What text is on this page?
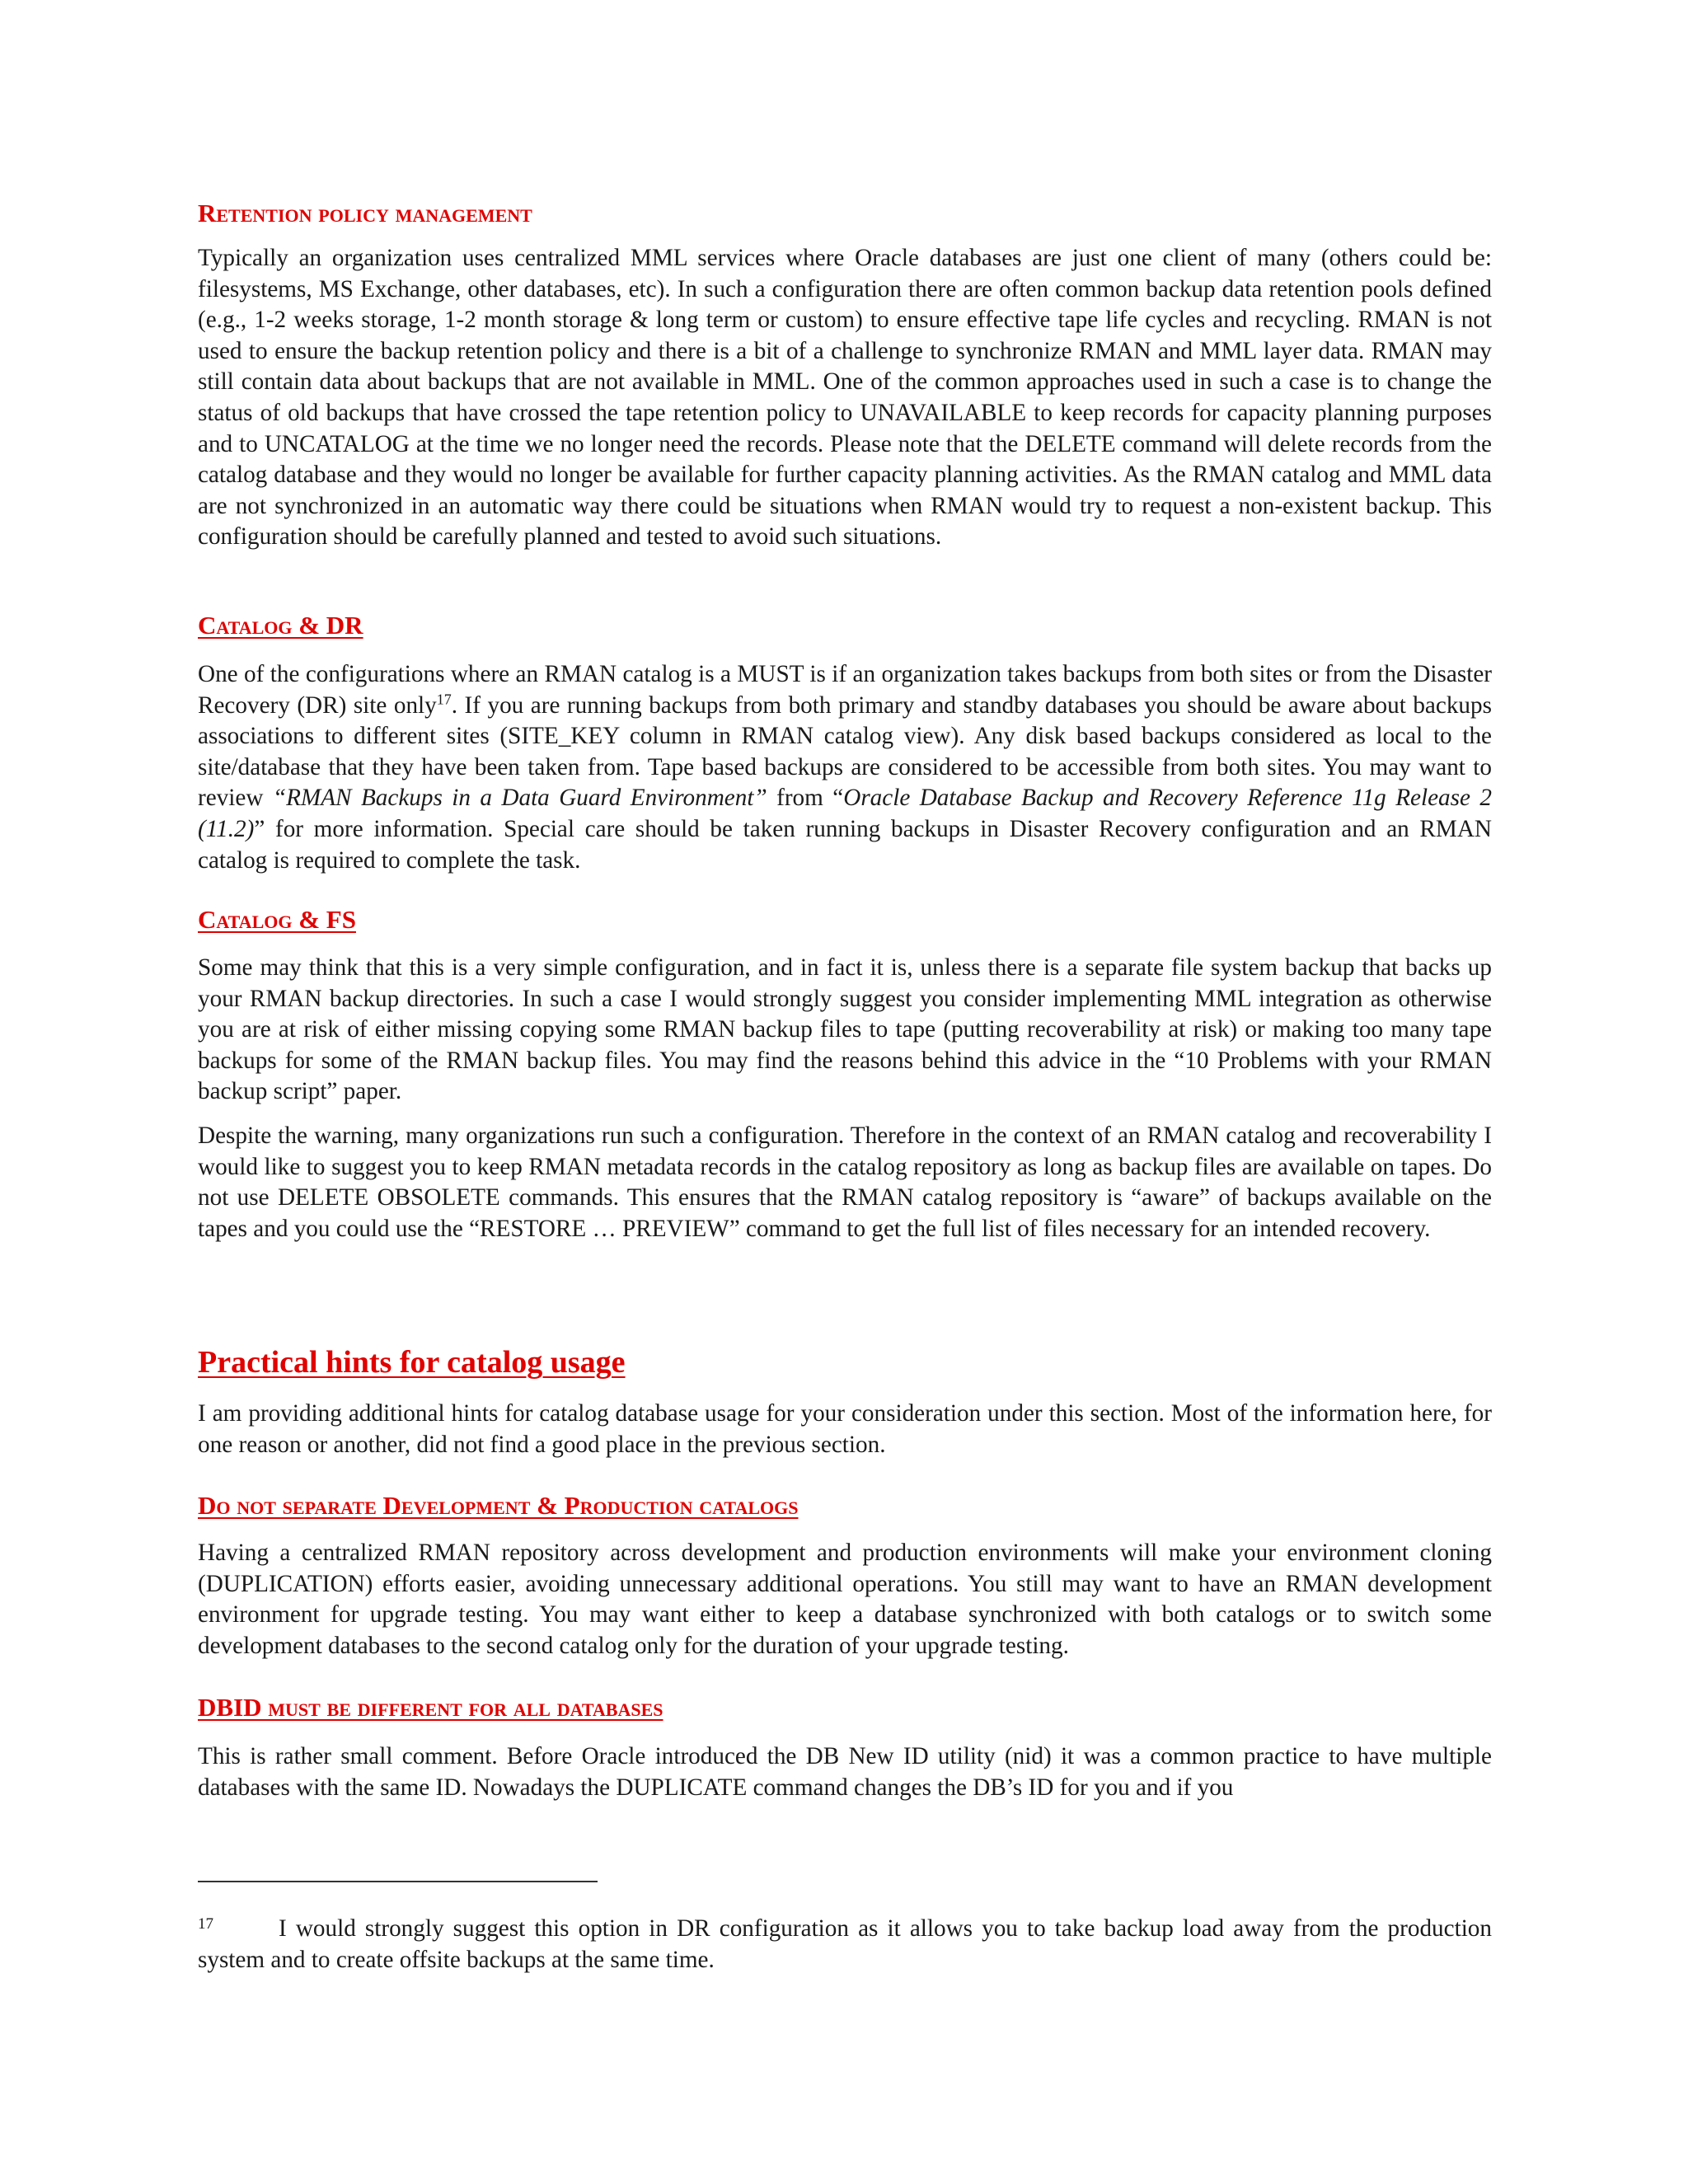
Retention policy management

Typically an organization uses centralized MML services where Oracle databases are just one client of many (others could be: filesystems, MS Exchange, other databases, etc). In such a configuration there are often common backup data retention pools defined (e.g., 1-2 weeks storage, 1-2 month storage & long term or custom) to ensure effective tape life cycles and recycling. RMAN is not used to ensure the backup retention policy and there is a bit of a challenge to synchronize RMAN and MML layer data. RMAN may still contain data about backups that are not available in MML. One of the common approaches used in such a case is to change the status of old backups that have crossed the tape retention policy to UNAVAILABLE to keep records for capacity planning purposes and to UNCATALOG at the time we no longer need the records. Please note that the DELETE command will delete records from the catalog database and they would no longer be available for further capacity planning activities. As the RMAN catalog and MML data are not synchronized in an automatic way there could be situations when RMAN would try to request a non-existent backup. This configuration should be carefully planned and tested to avoid such situations.

Catalog & DR

One of the configurations where an RMAN catalog is a MUST is if an organization takes backups from both sites or from the Disaster Recovery (DR) site only$^{17}$. If you are running backups from both primary and standby databases you should be aware about backups associations to different sites (SITE_KEY column in RMAN catalog view). Any disk based backups considered as local to the site/database that they have been taken from. Tape based backups are considered to be accessible from both sites. You may want to review “RMAN Backups in a Data Guard Environment” from “Oracle Database Backup and Recovery Reference 11g Release 2 (11.2)” for more information. Special care should be taken running backups in Disaster Recovery configuration and an RMAN catalog is required to complete the task.

Catalog & FS

Some may think that this is a very simple configuration, and in fact it is, unless there is a separate file system backup that backs up your RMAN backup directories. In such a case I would strongly suggest you consider implementing MML integration as otherwise you are at risk of either missing copying some RMAN backup files to tape (putting recoverability at risk) or making too many tape backups for some of the RMAN backup files. You may find the reasons behind this advice in the “10 Problems with your RMAN backup script” paper.

Despite the warning, many organizations run such a configuration. Therefore in the context of an RMAN catalog and recoverability I would like to suggest you to keep RMAN metadata records in the catalog repository as long as backup files are available on tapes. Do not use DELETE OBSOLETE commands. This ensures that the RMAN catalog repository is “aware” of backups available on the tapes and you could use the “RESTORE … PREVIEW” command to get the full list of files necessary for an intended recovery.

Practical hints for catalog usage

I am providing additional hints for catalog database usage for your consideration under this section. Most of the information here, for one reason or another, did not find a good place in the previous section.

Do not separate Development & Production catalogs

Having a centralized RMAN repository across development and production environments will make your environment cloning (DUPLICATION) efforts easier, avoiding unnecessary additional operations. You still may want to have an RMAN development environment for upgrade testing. You may want either to keep a database synchronized with both catalogs or to switch some development databases to the second catalog only for the duration of your upgrade testing.

DBID must be different for all databases

This is rather small comment. Before Oracle introduced the DB New ID utility (nid) it was a common practice to have multiple databases with the same ID. Nowadays the DUPLICATE command changes the DB’s ID for you and if you

17	I would strongly suggest this option in DR configuration as it allows you to take backup load away from the production system and to create offsite backups at the same time.
